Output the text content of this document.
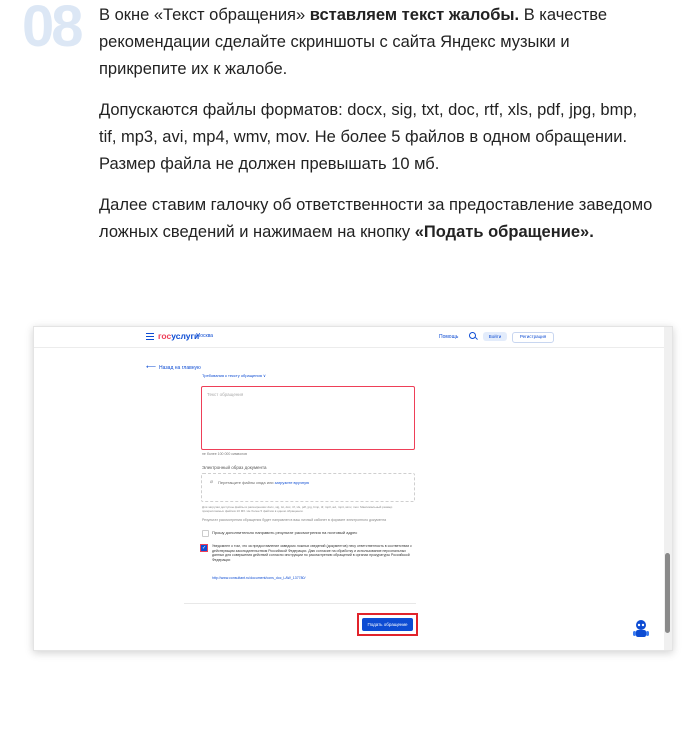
08 В окне «Текст обращения» вставляем текст жалобы. В качестве рекомендации сделайте скриншоты с сайта Яндекс музыки и прикрепите их к жалобе.
Допускаются файлы форматов: docx, sig, txt, doc, rtf, xls, pdf, jpg, bmp, tif, mp3, avi, mp4, wmv, mov. Не более 5 файлов в одном обращении. Размер файла не должен превышать 10 мб.
Далее ставим галочку об ответственности за предоставление заведомо ложных сведений и нажимаем на кнопку «Подать обращение».
госуслуги
Москва	Помощь	Войти	Регистрация
⟵ Назад на главную
Требования к тексту обращения ∨
Текст обращения
не более 100 000 символов
Электронный образ документа
⌀ Перетащите файлы сюда или загрузите вручную
Для загрузки доступны файлы в расширениях docx, sig, txt, doc, rtf, xls, pdf, jpg, bmp, tif, mp3, avi, mp4, wmv, mov. Максимальный размер прикрепляемых файлов 10 Мб. Не более 5 файлов в одном обращении.
Результат рассмотрения обращения будет направлен в ваш личный кабинет в формате электронного документа
Прошу дополнительно направить результат рассмотрения на почтовый адрес
✓ Уведомлен о том, что за предоставление заведомо ложных сведений (документов) несу ответственность в соответствии с действующим законодательством Российской Федерации. Даю согласие на обработку и использование персональных данных для совершения действий согласно инструкции по рассмотрению обращений в органах прокуратуры Российской Федерации
http://www.consultant.ru/document/cons_doc_LAW_137780/
Подать обращение
